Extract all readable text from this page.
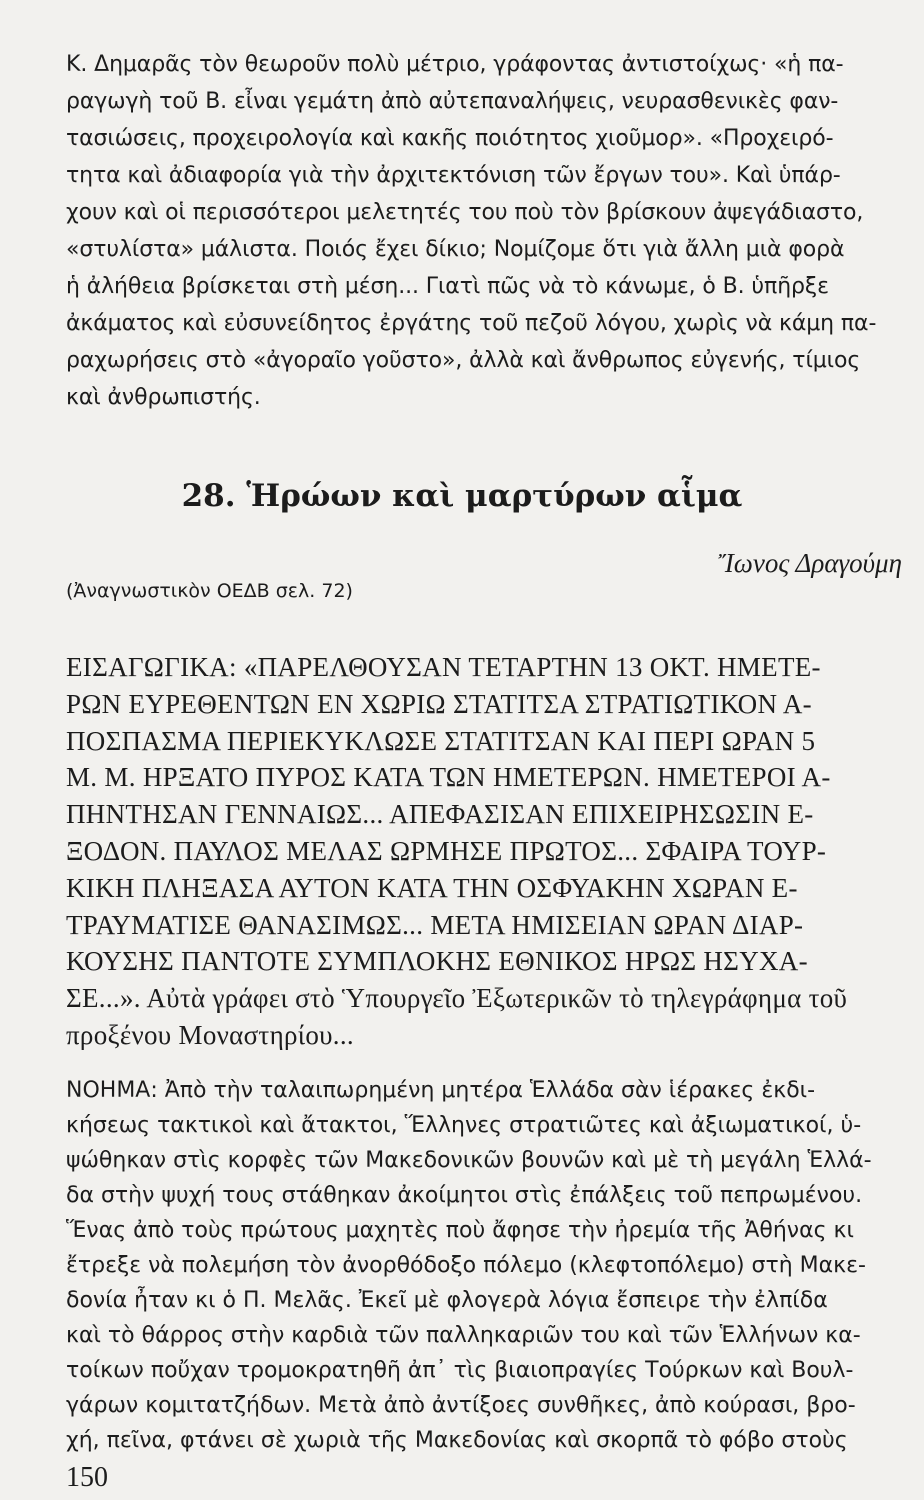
Κ. Δημαρᾶς τὸν θεωροῦν πολὺ μέτριο, γράφοντας ἀντιστοίχως· «ἡ πα-
ραγωγὴ τοῦ Β. εἶναι γεμάτη ἀπὸ αὐτεπαναλήψεις, νευρασθενικὲς φαν-
τασιώσεις, προχειρολογία καὶ κακῆς ποιότητος χιοῦμορ». «Προχειρό-
τητα καὶ ἀδιαφορία γιὰ τὴν ἀρχιτεκτόνιση τῶν ἔργων του». Καὶ ὑπάρ-
χουν καὶ οἱ περισσότεροι μελετητές του ποὺ τὸν βρίσκουν ἀψεγάδιαστο,
«στυλίστα» μάλιστα. Ποιός ἔχει δίκιο; Νομίζομε ὅτι γιὰ ἄλλη μιὰ φορὰ
ἡ ἀλήθεια βρίσκεται στὴ μέση... Γιατὶ πῶς νὰ τὸ κάνωμε, ὁ Β. ὑπῆρξε
ἀκάματος καὶ εὐσυνείδητος ἐργάτης τοῦ πεζοῦ λόγου, χωρὶς νὰ κάμη πα-
ραχωρήσεις στὸ «ἀγοραῖο γοῦστο», ἀλλὰ καὶ ἄνθρωπος εὐγενής, τίμιος
καὶ ἀνθρωπιστής.
28. Ἡρώων καὶ μαρτύρων αἷμα
Ἴωνος Δραγούμη
(Ἀναγνωστικὸν ΟΕΔΒ σελ. 72)
ΕΙΣΑΓΩΓΙΚΑ: «ΠΑΡΕΛΘΟΥΣΑΝ ΤΕΤΑΡΤΗΝ 13 ΟΚΤ. ΗΜΕΤΕ-
ΡΩΝ ΕΥΡΕΘΕΝΤΩΝ ΕΝ ΧΩΡΙΩ ΣΤΑΤΙΤΣΑ ΣΤΡΑΤΙΩΤΙΚΟΝ Α-
ΠΟΣΠΑΣΜΑ ΠΕΡΙΕΚΥΚΛΩΣΕ ΣΤΑΤΙΤΣΑΝ ΚΑΙ ΠΕΡΙ ΩΡΑΝ 5
Μ. Μ. ΗΡΞΑΤΟ ΠΥΡΟΣ ΚΑΤΑ ΤΩΝ ΗΜΕΤΕΡΩΝ. ΗΜΕΤΕΡΟΙ Α-
ΠΗΝΤΗΣΑΝ ΓΕΝΝΑΙΩΣ... ΑΠΕΦΑΣΙΣΑΝ ΕΠΙΧΕΙΡΗΣΩΣΙΝ Ε-
ΞΟΔΟΝ. ΠΑΥΛΟΣ ΜΕΛΑΣ ΩΡΜΗΣΕ ΠΡΩΤΟΣ... ΣΦΑΙΡΑ ΤΟΥΡ-
ΚΙΚΗ ΠΛΗΞΑΣΑ ΑΥΤΟΝ ΚΑΤΑ ΤΗΝ ΟΣΦΥΑΚΗΝ ΧΩΡΑΝ Ε-
ΤΡΑΥΜΑΤΙΣΕ ΘΑΝΑΣΙΜΩΣ... ΜΕΤΑ ΗΜΙΣΕΙΑΝ ΩΡΑΝ ΔΙΑΡ-
ΚΟΥΣΗΣ ΠΑΝΤΟΤΕ ΣΥΜΠΛΟΚΗΣ ΕΘΝΙΚΟΣ ΗΡΩΣ ΗΣΥΧΑ-
ΣΕ...». Αὐτὰ γράφει στὸ Ὑπουργεῖο Ἐξωτερικῶν τὸ τηλεγράφημα τοῦ
προξένου Μοναστηρίου...
ΝΟΗΜΑ: Ἀπὸ τὴν ταλαιπωρημένη μητέρα Ἑλλάδα σὰν ἱέρακες ἐκδι-
κήσεως τακτικοὶ καὶ ἄτακτοι, Ἕλληνες στρατιῶτες καὶ ἀξιωματικοί, ὑ-
ψώθηκαν στὶς κορφὲς τῶν Μακεδονικῶν βουνῶν καὶ μὲ τὴ μεγάλη Ἑλλά-
δα στὴν ψυχή τους στάθηκαν ἀκοίμητοι στὶς ἐπάλξεις τοῦ πεπρωμένου.
Ἕνας ἀπὸ τοὺς πρώτους μαχητὲς ποὺ ἄφησε τὴν ἠρεμία τῆς Ἀθήνας κι
ἔτρεξε νὰ πολεμήση τὸν ἀνορθόδοξο πόλεμο (κλεφτοπόλεμο) στὴ Μακε-
δονία ἦταν κι ὁ Π. Μελᾶς. Ἐκεῖ μὲ φλογερὰ λόγια ἔσπειρε τὴν ἐλπίδα
καὶ τὸ θάρρος στὴν καρδιὰ τῶν παλληκαριῶν του καὶ τῶν Ἑλλήνων κα-
τοίκων ποὔχαν τρομοκρατηθῆ ἀπ᾽ τὶς βιαιοπραγίες Τούρκων καὶ Βουλ-
γάρων κομιτατζήδων. Μετὰ ἀπὸ ἀντίξοες συνθῆκες, ἀπὸ κούρασι, βρο-
χή, πεῖνα, φτάνει σὲ χωριὰ τῆς Μακεδονίας καὶ σκορπᾶ τὸ φόβο στοὺς
150
